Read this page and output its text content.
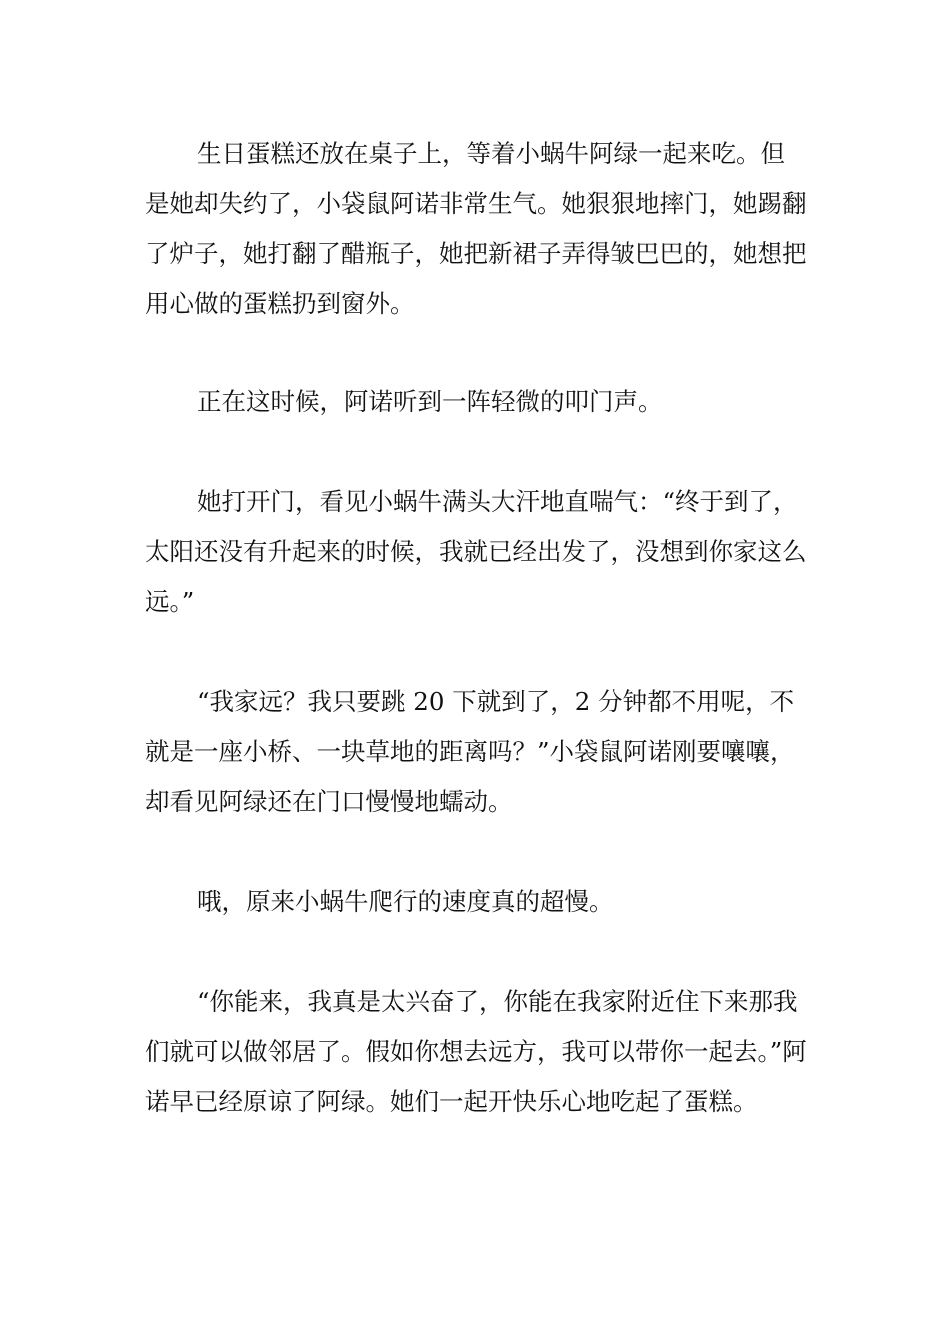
生日蛋糕还放在桌子上，等着小蜗牛阿绿一起来吃。但是她却失约了，小袋鼠阿诺非常生气。她狠狠地摔门，她踢翻了炉子，她打翻了醋瓶子，她把新裙子弄得皱巴巴的，她想把用心做的蛋糕扔到窗外。

正在这时候，阿诺听到一阵轻微的叩门声。

她打开门，看见小蜗牛满头大汗地直喘气：“终于到了，太阳还没有升起来的时候，我就已经出发了，没想到你家这么远。”

“我家远？我只要跳 20 下就到了，2 分钟都不用呢，不就是一座小桥、一块草地的距离吗？”小袋鼠阿诺刚要嚷嚷，却看见阿绿还在门口慢慢地蠕动。

哦，原来小蜗牛爬行的速度真的超慢。

“你能来，我真是太兴奋了，你能在我家附近住下来那我们就可以做邻居了。假如你想去远方，我可以带你一起去。”阿诺早已经原谅了阿绿。她们一起开快乐心地吃起了蛋糕。
